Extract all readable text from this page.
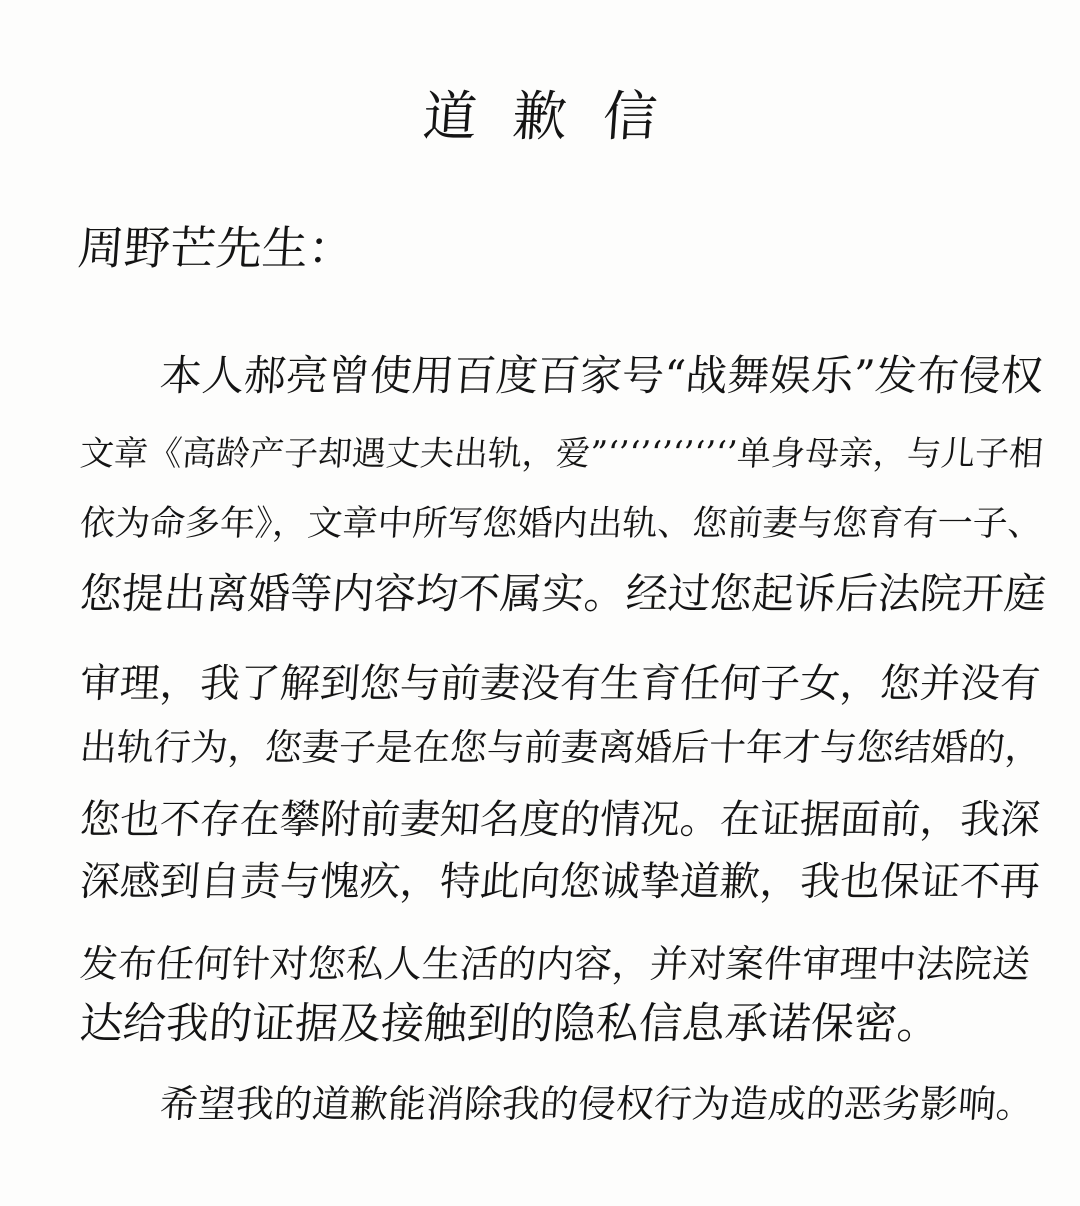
道歉信
周野芒先生：
本人郝亮曾使用百度百家号“战舞娱乐”发布侵权
文章《高龄产子却遇丈夫出轨，爱”‘’‘’‘’‘’‘’‘’单身母亲，与儿子相
依为命多年》，文章中所写您婚内出轨、您前妻与您育有一子、
您提出离婚等内容均不属实。经过您起诉后法院开庭
审理，我了解到您与前妻没有生育任何子女，您并没有
出轨行为，您妻子是在您与前妻离婚后十年才与您结婚的，
您也不存在攀附前妻知名度的情况。在证据面前，我深
深感到自责与愧疚，特此向您诚挚道歉，我也保证不再
发布任何针对您私人生活的内容，并对案件审理中法院送
达给我的证据及接触到的隐私信息承诺保密。
希望我的道歉能消除我的侵权行为造成的恶劣影响。
